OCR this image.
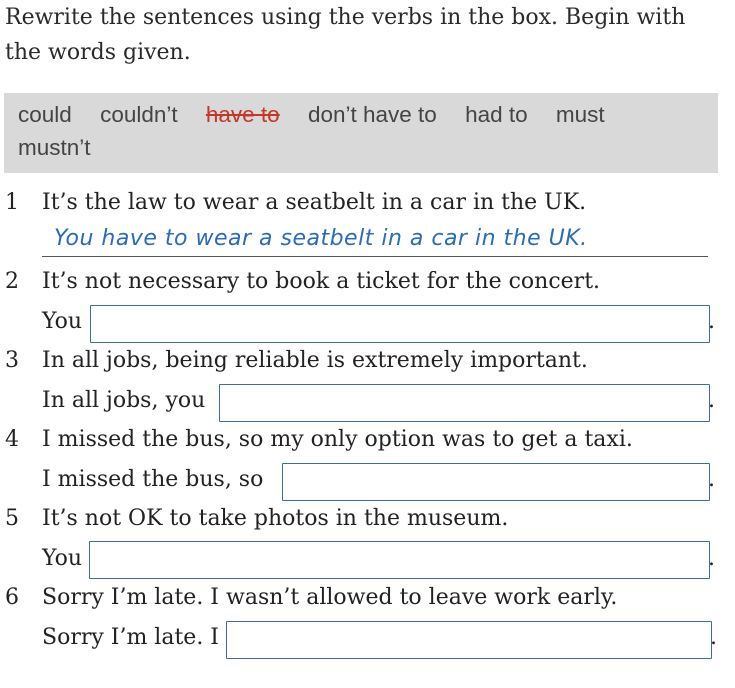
Rewrite the sentences using the verbs in the box. Begin with the words given.
could couldn’t have to don’t have to had to must
mustn’t
1	It’s the law to wear a seatbelt in a car in the UK.
You have to wear a seatbelt in a car in the UK.
2	It’s not necessary to book a ticket for the concert.
You	.
3	In all jobs, being reliable is extremely important.
In all jobs, you	.
4	I missed the bus, so my only option was to get a taxi.
I missed the bus, so	.
5	It’s not OK to take photos in the museum.
You	.
6	Sorry I’m late. I wasn’t allowed to leave work early.
Sorry I’m late. I	.
